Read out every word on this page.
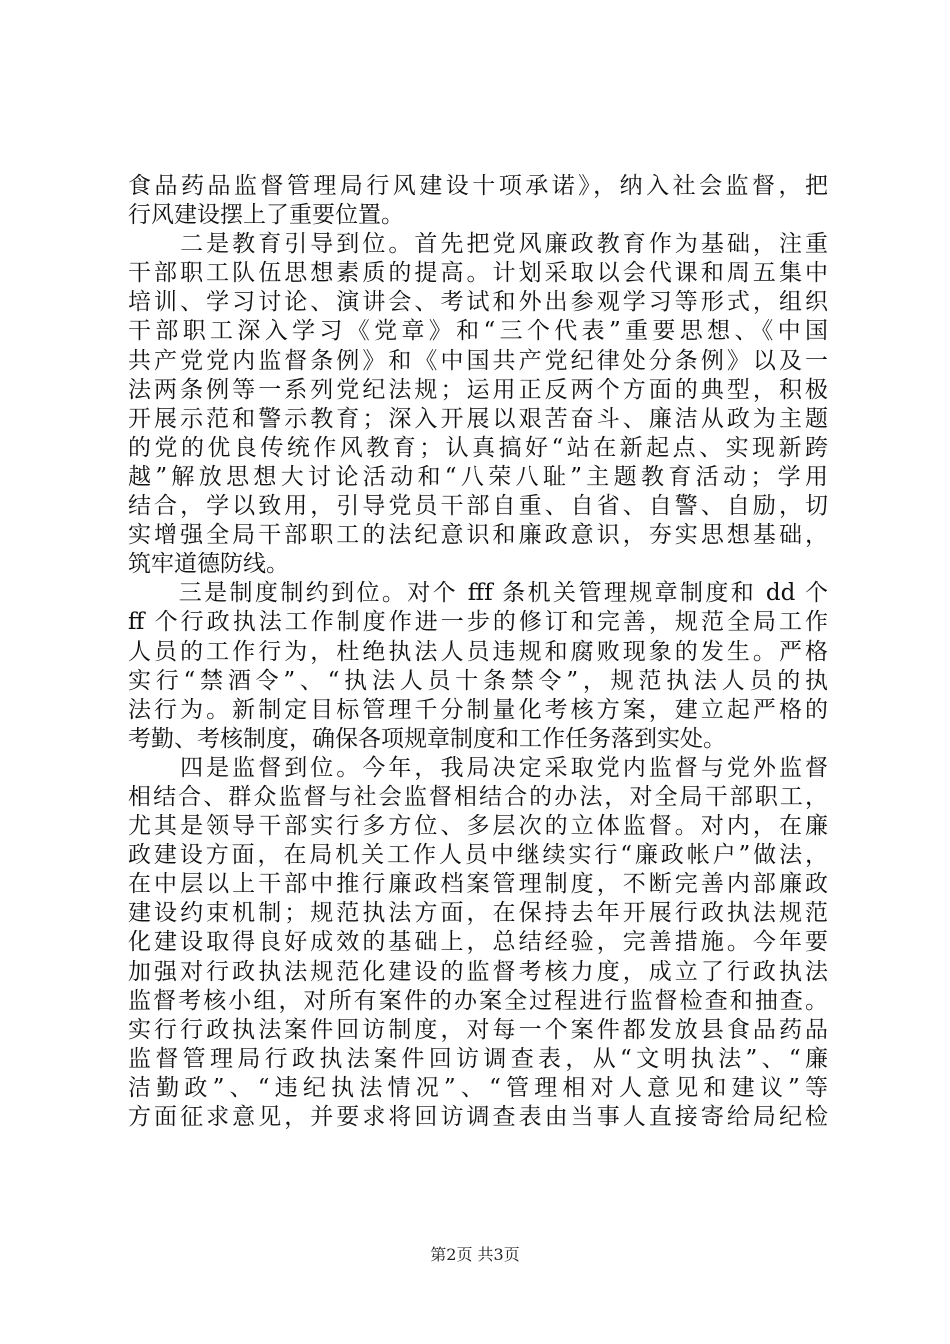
食品药品监督管理局行风建设十项承诺》，纳入社会监督，把
行风建设摆上了重要位置。
　　二是教育引导到位。首先把党风廉政教育作为基础，注重
干部职工队伍思想素质的提高。计划采取以会代课和周五集中
培训、学习讨论、演讲会、考试和外出参观学习等形式，组织
干部职工深入学习《党章》和“三个代表”重要思想、《中国
共产党党内监督条例》和《中国共产党纪律处分条例》以及一
法两条例等一系列党纪法规；运用正反两个方面的典型，积极
开展示范和警示教育；深入开展以艰苦奋斗、廉洁从政为主题
的党的优良传统作风教育；认真搞好“站在新起点、实现新跨
越”解放思想大讨论活动和“八荣八耻”主题教育活动；学用
结合，学以致用，引导党员干部自重、自省、自警、自励，切
实增强全局干部职工的法纪意识和廉政意识，夯实思想基础，
筑牢道德防线。
　　三是制度制约到位。对个 fff 条机关管理规章制度和 dd 个
ff 个行政执法工作制度作进一步的修订和完善，规范全局工作
人员的工作行为，杜绝执法人员违规和腐败现象的发生。严格
实行“禁酒令”、“执法人员十条禁令”，规范执法人员的执
法行为。新制定目标管理千分制量化考核方案，建立起严格的
考勤、考核制度，确保各项规章制度和工作任务落到实处。
　　四是监督到位。今年，我局决定采取党内监督与党外监督
相结合、群众监督与社会监督相结合的办法，对全局干部职工，
尤其是领导干部实行多方位、多层次的立体监督。对内，在廉
政建设方面，在局机关工作人员中继续实行“廉政帐户”做法，
在中层以上干部中推行廉政档案管理制度，不断完善内部廉政
建设约束机制；规范执法方面，在保持去年开展行政执法规范
化建设取得良好成效的基础上，总结经验，完善措施。今年要
加强对行政执法规范化建设的监督考核力度，成立了行政执法
监督考核小组，对所有案件的办案全过程进行监督检查和抽查。
实行行政执法案件回访制度，对每一个案件都发放县食品药品
监督管理局行政执法案件回访调查表，从“文明执法”、“廉
洁勤政”、“违纪执法情况”、“管理相对人意见和建议”等
方面征求意见，并要求将回访调查表由当事人直接寄给局纪检
第2页 共3页
